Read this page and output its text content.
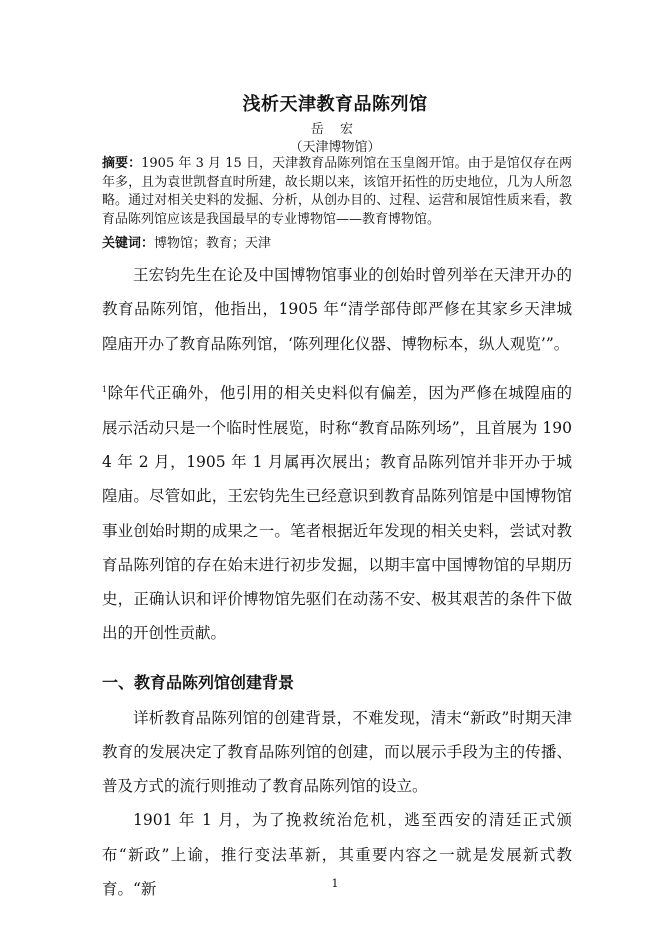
浅析天津教育品陈列馆
岳 宏
（天津博物馆）
摘要：1905 年 3 月 15 日，天津教育品陈列馆在玉皇阁开馆。由于是馆仅存在两年多，且为袁世凯督直时所建，故长期以来，该馆开拓性的历史地位，几为人所忽略。通过对相关史料的发掘、分析，从创办目的、过程、运营和展馆性质来看，教育品陈列馆应该是我国最早的专业博物馆——教育博物馆。
关键词：博物馆；教育；天津

王宏钧先生在论及中国博物馆事业的创始时曾列举在天津开办的教育品陈列馆，他指出，1905 年“清学部侍郎严修在其家乡天津城隍庙开办了教育品陈列馆，‘陈列理化仪器、博物标本，纵人观览’”。

$^1$除年代正确外，他引用的相关史料似有偏差，因为严修在城隍庙的展示活动只是一个临时性展览，时称“教育品陈列场”，且首展为 1904 年 2 月，1905 年 1 月属再次展出；教育品陈列馆并非开办于城隍庙。尽管如此，王宏钧先生已经意识到教育品陈列馆是中国博物馆事业创始时期的成果之一。笔者根据近年发现的相关史料，尝试对教育品陈列馆的存在始末进行初步发掘，以期丰富中国博物馆的早期历史，正确认识和评价博物馆先驱们在动荡不安、极其艰苦的条件下做出的开创性贡献。

一、教育品陈列馆创建背景

详析教育品陈列馆的创建背景，不难发现，清末“新政”时期天津教育的发展决定了教育品陈列馆的创建，而以展示手段为主的传播、普及方式的流行则推动了教育品陈列馆的设立。

1901 年 1 月，为了挽救统治危机，逃至西安的清廷正式颁布“新政”上谕，推行变法革新，其重要内容之一就是发展新式教育。“新	1
